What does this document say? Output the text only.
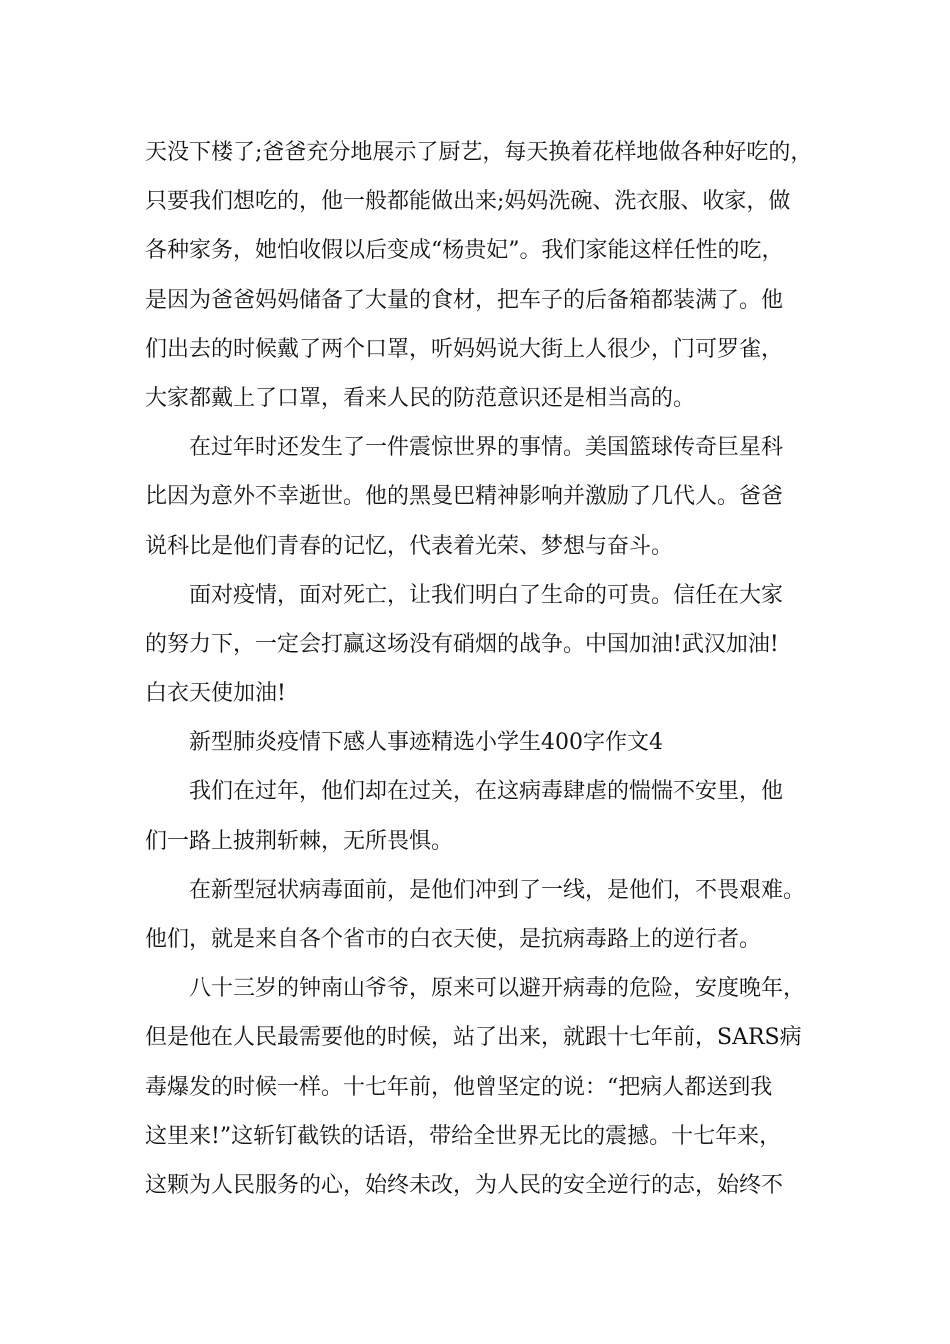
天没下楼了;爸爸充分地展示了厨艺，每天换着花样地做各种好吃的，
只要我们想吃的，他一般都能做出来;妈妈洗碗、洗衣服、收家，做
各种家务，她怕收假以后变成“杨贵妃”。我们家能这样任性的吃，
是因为爸爸妈妈储备了大量的食材，把车子的后备箱都装满了。他
们出去的时候戴了两个口罩，听妈妈说大街上人很少，门可罗雀，
大家都戴上了口罩，看来人民的防范意识还是相当高的。
在过年时还发生了一件震惊世界的事情。美国篮球传奇巨星科
比因为意外不幸逝世。他的黑曼巴精神影响并激励了几代人。爸爸
说科比是他们青春的记忆，代表着光荣、梦想与奋斗。
面对疫情，面对死亡，让我们明白了生命的可贵。信任在大家
的努力下，一定会打赢这场没有硝烟的战争。中国加油!武汉加油!
白衣天使加油!
新型肺炎疫情下感人事迹精选小学生400字作文4
我们在过年，他们却在过关，在这病毒肆虐的惴惴不安里，他
们一路上披荆斩棘，无所畏惧。
在新型冠状病毒面前，是他们冲到了一线，是他们，不畏艰难。
他们，就是来自各个省市的白衣天使，是抗病毒路上的逆行者。
八十三岁的钟南山爷爷，原来可以避开病毒的危险，安度晚年，
但是他在人民最需要他的时候，站了出来，就跟十七年前，SARS病
毒爆发的时候一样。十七年前，他曾坚定的说：“把病人都送到我
这里来!”这斩钉截铁的话语，带给全世界无比的震撼。十七年来，
这颗为人民服务的心，始终未改，为人民的安全逆行的志，始终不
